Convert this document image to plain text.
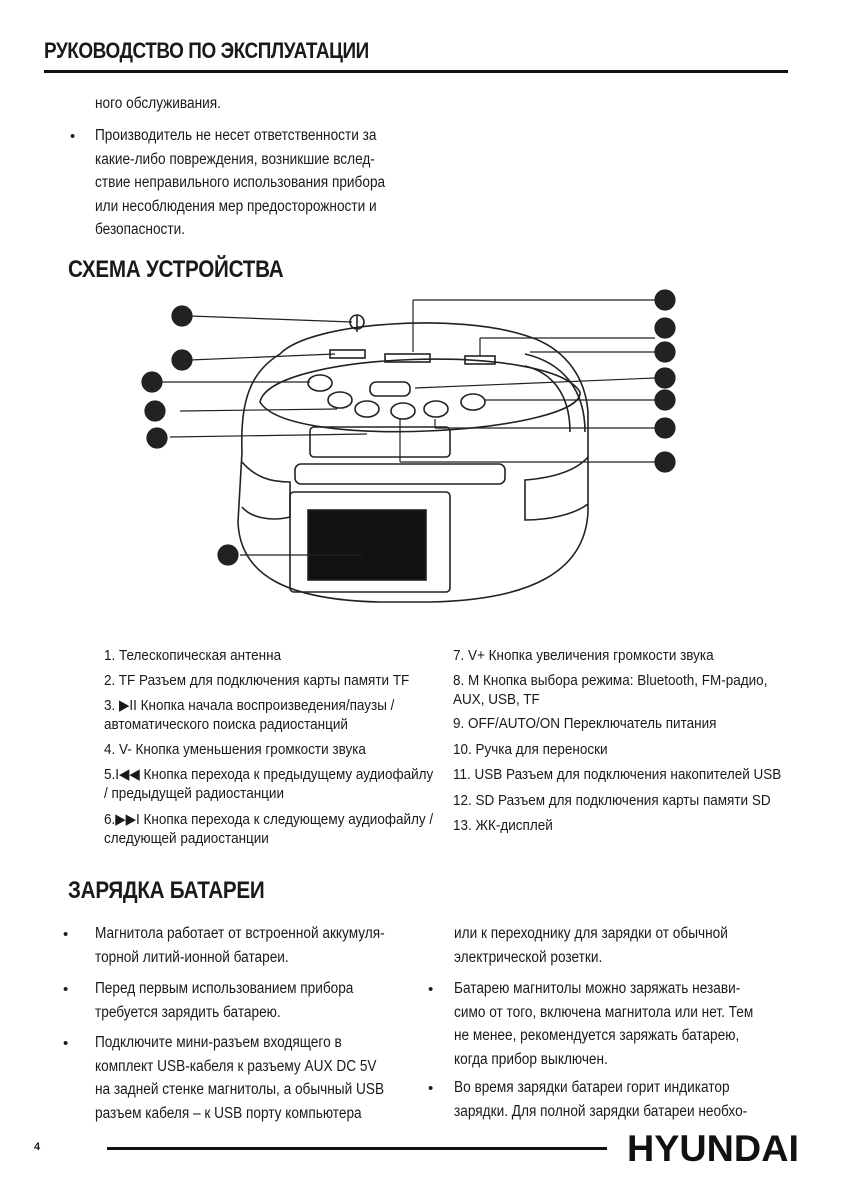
РУКОВОДСТВО ПО ЭКСПЛУАТАЦИИ
ного обслуживания.
• Производитель не несет ответственности за
какие-либо повреждения, возникшие вслед-
ствие неправильного использования прибора
или несоблюдения мер предосторожности и
безопасности.
СХЕМА УСТРОЙСТВА
1
2
3
4
5
6
7
8
9
10
11
12
13
1. Телескопическая антенна
2. TF Разъем для подключения карты памяти TF
3. ▶II Кнопка начала воспроизведения/паузы /
автоматического поиска радиостанций
4. V- Кнопка уменьшения громкости звука
5.I◀◀ Кнопка перехода к предыдущему аудиофайлу
/ предыдущей радиостанции
6.▶▶I Кнопка перехода к следующему аудиофайлу /
следующей радиостанции
7. V+ Кнопка увеличения громкости звука
8. M Кнопка выбора режима: Bluetooth, FM-радио,
AUX, USB, TF
9. OFF/AUTO/ON Переключатель питания
10. Ручка для переноски
11. USB Разъем для подключения накопителей USB
12. SD Разъем для подключения карты памяти SD
13. ЖК-дисплей
ЗАРЯДКА БАТАРЕИ
• Магнитола работает от встроенной аккумуля-
торной литий-ионной батареи.
• Перед первым использованием прибора
требуется зарядить батарею.
• Подключите мини-разъем входящего в
комплект USB-кабеля к разъему AUX DC 5V
на задней стенке магнитолы, а обычный USB
разъем кабеля – к USB порту компьютера
или к переходнику для зарядки от обычной
электрической розетки.
• Батарею магнитолы можно заряжать незави-
симо от того, включена магнитола или нет. Тем
не менее, рекомендуется заряжать батарею,
когда прибор выключен.
• Во время зарядки батареи горит индикатор
зарядки. Для полной зарядки батареи необхо-
4	HYUNDAI
